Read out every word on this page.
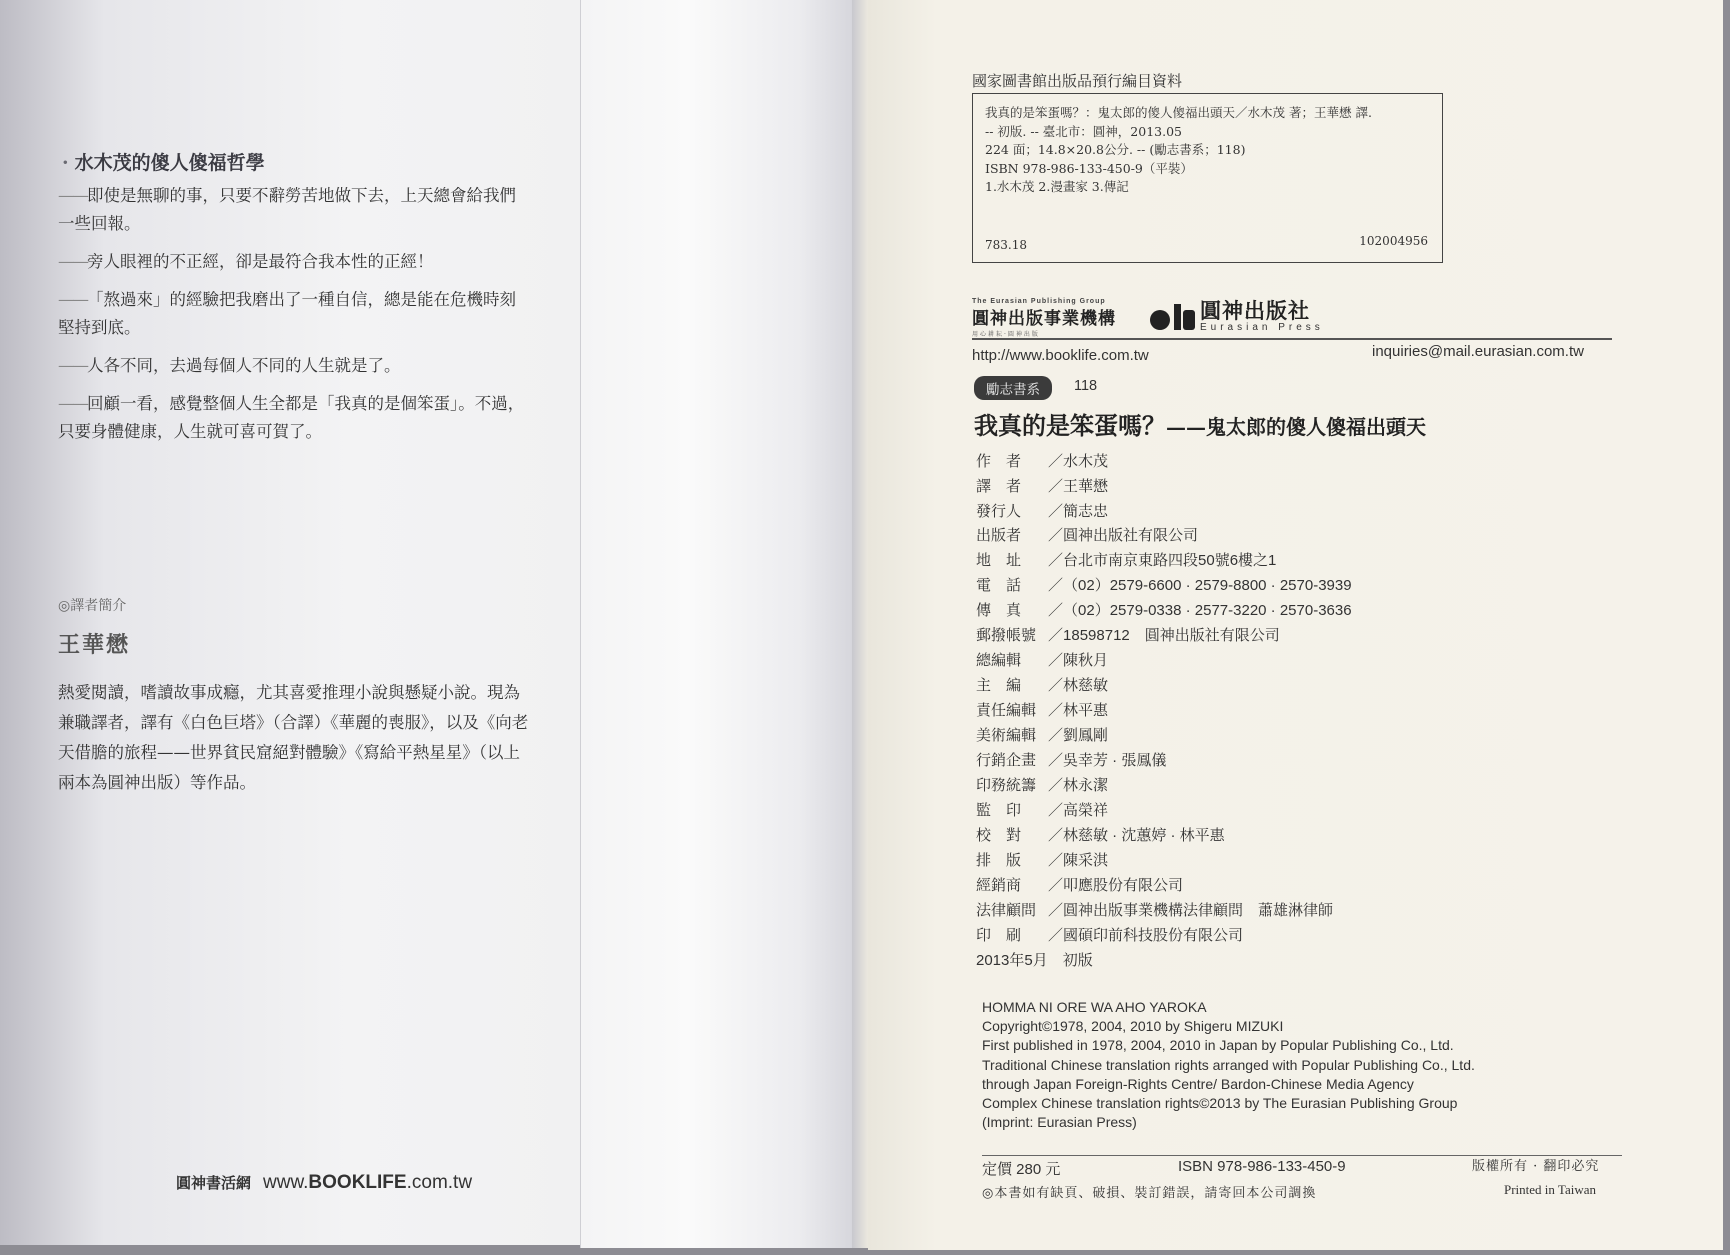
· 水木茂的傻人傻福哲學
——即使是無聊的事，只要不辭勞苦地做下去，上天總會給我們一些回報。
——旁人眼裡的不正經，卻是最符合我本性的正經！
——「熬過來」的經驗把我磨出了一種自信，總是能在危機時刻堅持到底。
——人各不同，去過每個人不同的人生就是了。
——回顧一看，感覺整個人生全都是「我真的是個笨蛋」。不過，只要身體健康，人生就可喜可賀了。
◎譯者簡介
王華懋
熱愛閱讀，嗜讀故事成癮，尤其喜愛推理小說與懸疑小說。現為兼職譯者，譯有《白色巨塔》（合譯）《華麗的喪服》，以及《向老天借膽的旅程——世界貧民窟絕對體驗》《寫給平熱星星》（以上兩本為圓神出版）等作品。
圓神書活網 www.BOOKLIFE.com.tw
國家圖書館出版品預行編目資料
我真的是笨蛋嗎？：鬼太郎的傻人傻福出頭天／水木茂 著；王華懋 譯.
-- 初版. -- 臺北市：圓神，2013.05
224 面；14.8×20.8公分. -- (勵志書系；118)
ISBN 978-986-133-450-9（平裝）
1.水木茂 2.漫畫家 3.傳記
783.18	102004956
The Eurasian Publishing Group
圓神出版事業機構
用心耕耘·圓神出版
圓神出版社
Eurasian Press
http://www.booklife.com.tw	inquiries@mail.eurasian.com.tw
勵志書系	118
我真的是笨蛋嗎？——鬼太郎的傻人傻福出頭天
作　者 ／水木茂
譯　者 ／王華懋
發行人 ／簡志忠
出版者 ／圓神出版社有限公司
地　址 ／台北市南京東路四段50號6樓之1
電　話 ／（02）2579-6600 · 2579-8800 · 2570-3939
傳　真 ／（02）2579-0338 · 2577-3220 · 2570-3636
郵撥帳號 ／18598712　圓神出版社有限公司
總編輯 ／陳秋月
主　編 ／林慈敏
責任編輯 ／林平惠
美術編輯 ／劉鳳剛
行銷企畫 ／吳幸芳 · 張鳳儀
印務統籌 ／林永潔
監　印 ／高榮祥
校　對 ／林慈敏 · 沈蕙婷 · 林平惠
排　版 ／陳采淇
經銷商 ／叩應股份有限公司
法律顧問 ／圓神出版事業機構法律顧問　蕭雄淋律師
印　刷 ／國碩印前科技股份有限公司
2013年5月　初版
HOMMA NI ORE WA AHO YAROKA
Copyright©1978, 2004, 2010 by Shigeru MIZUKI
First published in 1978, 2004, 2010 in Japan by Popular Publishing Co., Ltd.
Traditional Chinese translation rights arranged with Popular Publishing Co., Ltd.
through Japan Foreign-Rights Centre/ Bardon-Chinese Media Agency
Complex Chinese translation rights©2013 by The Eurasian Publishing Group
(Imprint: Eurasian Press)
定價 280 元	ISBN 978-986-133-450-9	版權所有 · 翻印必究
◎本書如有缺頁、破損、裝訂錯誤，請寄回本公司調換	Printed in Taiwan
